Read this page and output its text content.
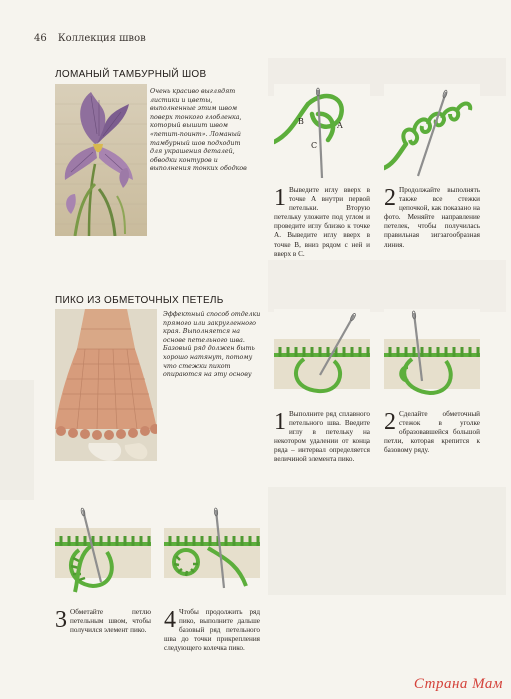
46 Коллекция швов
ЛОМАНЫЙ ТАМБУРНЫЙ ШОВ
Очень красиво выглядят листики и цветы, выполненные этим швом поверх тонкого глобленка, который вышит швом «петит-поинт». Ломаный тамбурный шов подходит для украшения деталей, обводки контуров и выполнения тонких ободков
B	A
C
1 Выведите иглу вверх в точке А внутри первой петельки. Вторую петельку уложите под углом и проведите иглу близко к точке А. Выведите иглу вверх в точке В, вниз рядом с ней и вверх в С.
2 Продолжайте выполнять также все стежки цепочкой, как показано на фото. Меняйте направление петелек, чтобы получилась правильная зигзагообразная линия.
ПИКО ИЗ ОБМЕТОЧНЫХ ПЕТЕЛЬ
Эффектный способ отделки прямого или закругленного края. Выполняется на основе петельного шва. Базовый ряд должен быть хорошо натянут, потому что стежки пикот опираются на эту основу
1 Выполните ряд сплавного петельного шва. Введите иглу в петельку на некотором удалении от конца ряда – интервал определяется величиной элемента пико.
2 Сделайте обметочный стежок в уголке образовавшейся большой петли, которая крепится к базовому ряду.
3 Обметайте петлю петельным швом, чтобы получился элемент пико. 4 Чтобы продолжить ряд пико, выполните дальше базовый ряд петельного шва до точки прикрепления следующего колечка пико.
Страна Мам
